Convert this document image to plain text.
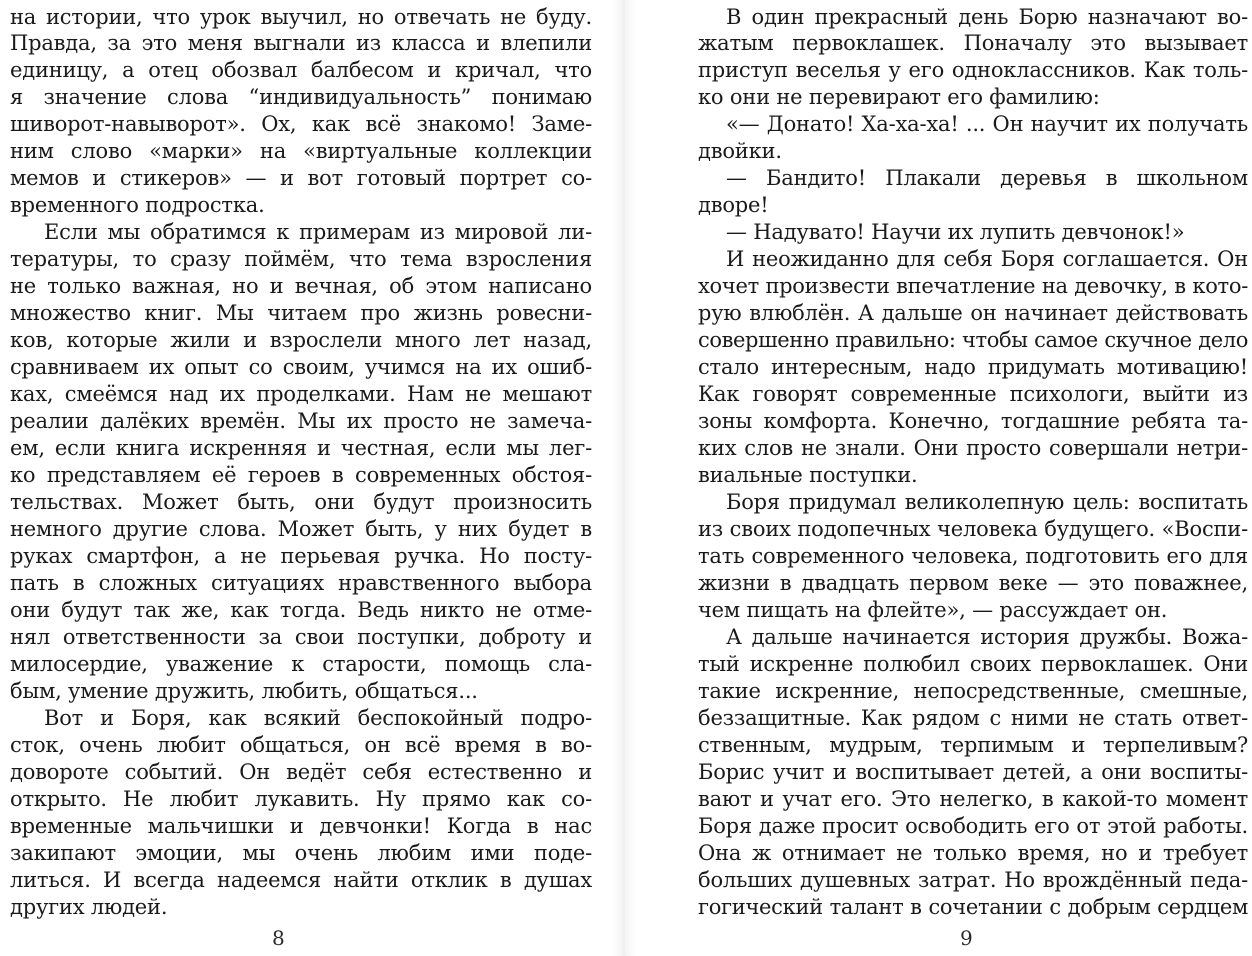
на истории, что урок выучил, но отвечать не буду.
Правда, за это меня выгнали из класса и влепили
единицу, а отец обозвал балбесом и кричал, что
я значение слова “индивидуальность” понимаю
шиворот-навыворот». Ох, как всё знакомо! Заме-
ним слово «марки» на «виртуальные коллекции
мемов и стикеров» — и вот готовый портрет со-
временного подростка.
Если мы обратимся к примерам из мировой ли-
тературы, то сразу поймём, что тема взросления
не только важная, но и вечная, об этом написано
множество книг. Мы читаем про жизнь ровесни-
ков, которые жили и взрослели много лет назад,
сравниваем их опыт со своим, учимся на их ошиб-
ках, смеёмся над их проделками. Нам не мешают
реалии далёких времён. Мы их просто не замеча-
ем, если книга искренняя и честная, если мы лег-
ко представляем её героев в современных обстоя-
тельствах. Может быть, они будут произносить
немного другие слова. Может быть, у них будет в
руках смартфон, а не перьевая ручка. Но посту-
пать в сложных ситуациях нравственного выбора
они будут так же, как тогда. Ведь никто не отме-
нял ответственности за свои поступки, доброту и
милосердие, уважение к старости, помощь сла-
бым, умение дружить, любить, общаться...
Вот и Боря, как всякий беспокойный подро-
сток, очень любит общаться, он всё время в во-
довороте событий. Он ведёт себя естественно и
открыто. Не любит лукавить. Ну прямо как со-
временные мальчишки и девчонки! Когда в нас
закипают эмоции, мы очень любим ими поде-
литься. И всегда надеемся найти отклик в душах
других людей.
8
В один прекрасный день Борю назначают во-
жатым первоклашек. Поначалу это вызывает
приступ веселья у его одноклассников. Как толь-
ко они не перевирают его фамилию:
«— Донато! Ха-ха-ха! ... Он научит их получать
двойки.
— Бандито! Плакали деревья в школьном
дворе!
— Надувато! Научи их лупить девчонок!»
И неожиданно для себя Боря соглашается. Он
хочет произвести впечатление на девочку, в кото-
рую влюблён. А дальше он начинает действовать
совершенно правильно: чтобы самое скучное дело
стало интересным, надо придумать мотивацию!
Как говорят современные психологи, выйти из
зоны комфорта. Конечно, тогдашние ребята та-
ких слов не знали. Они просто совершали нетри-
виальные поступки.
Боря придумал великолепную цель: воспитать
из своих подопечных человека будущего. «Воспи-
тать современного человека, подготовить его для
жизни в двадцать первом веке — это поважнее,
чем пищать на флейте», — рассуждает он.
А дальше начинается история дружбы. Вожа-
тый искренне полюбил своих первоклашек. Они
такие искренние, непосредственные, смешные,
беззащитные. Как рядом с ними не стать ответ-
ственным, мудрым, терпимым и терпеливым?
Борис учит и воспитывает детей, а они воспиты-
вают и учат его. Это нелегко, в какой-то момент
Боря даже просит освободить его от этой работы.
Она ж отнимает не только время, но и требует
больших душевных затрат. Но врождённый педа-
гогический талант в сочетании с добрым сердцем
9
